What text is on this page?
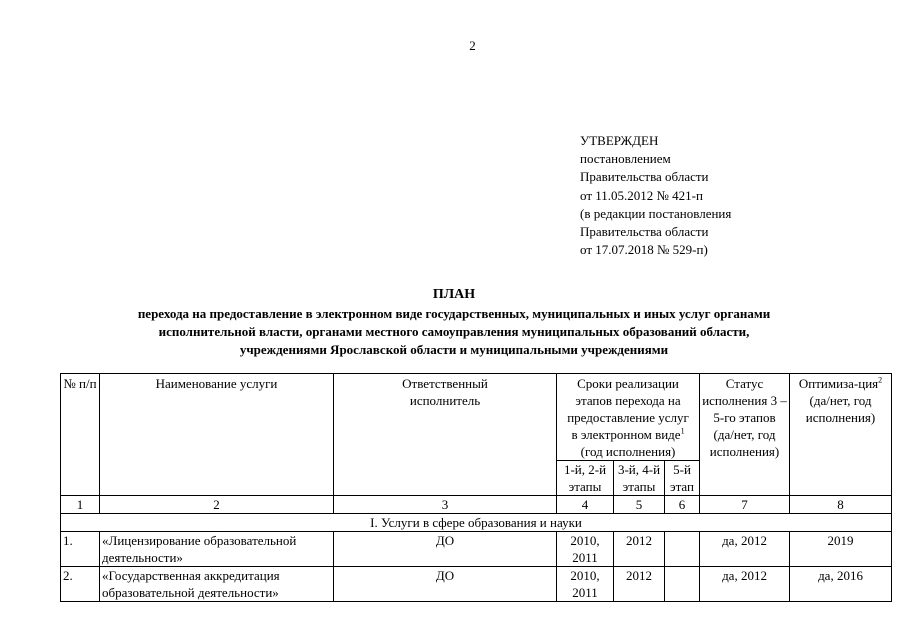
2
УТВЕРЖДЕН
постановлением
Правительства области
от 11.05.2012 № 421-п
(в редакции постановления
Правительства области
от 17.07.2018 № 529-п)
ПЛАН
перехода на предоставление в электронном виде государственных, муниципальных и иных услуг органами
исполнительной власти, органами местного самоуправления муниципальных образований области,
учреждениями Ярославской области и муниципальными учреждениями
№ п/п	Наименование услуги	Ответственный исполнитель	Сроки реализации этапов перехода на предоставление услуг в электронном виде$^1$ (год исполнения)			Статус исполнения 3 – 5-го этапов (да/нет, год исполнения)	Оптимиза-ция$^2$ (да/нет, год исполнения)
			1-й, 2-й этапы	3-й, 4-й этапы	5-й этап		
1	2	3	4	5	6	7	8
I. Услуги в сфере образования и науки							
1.	«Лицензирование образовательной деятельности»	ДО	2010, 2011	2012		да, 2012	2019
2.	«Государственная аккредитация образовательной деятельности»	ДО	2010, 2011	2012		да, 2012	да, 2016
